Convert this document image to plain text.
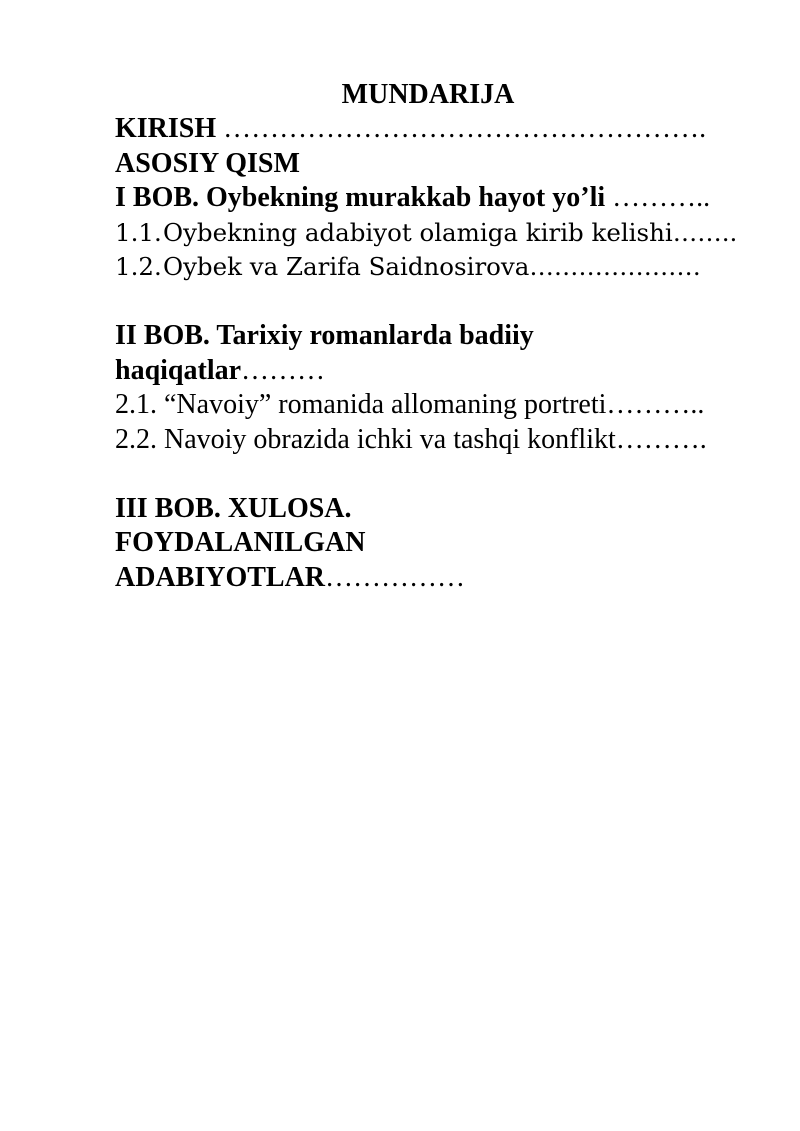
MUNDARIJA
KIRISH …………………………………………….
ASOSIY QISM
I BOB. Oybekning murakkab hayot yo’li ………..
1.1.Oybekning adabiyot olamiga kirib kelishi……..
1.2.Oybek va Zarifa Saidnosirova…………………
II BOB. Tarixiy romanlarda badiiy
haqiqatlar………
2.1. “Navoiy” romanida allomaning portreti………..
2.2. Navoiy obrazida ichki va tashqi konflikt……….
III BOB. XULOSA.
FOYDALANILGAN
ADABIYOTLAR……………
